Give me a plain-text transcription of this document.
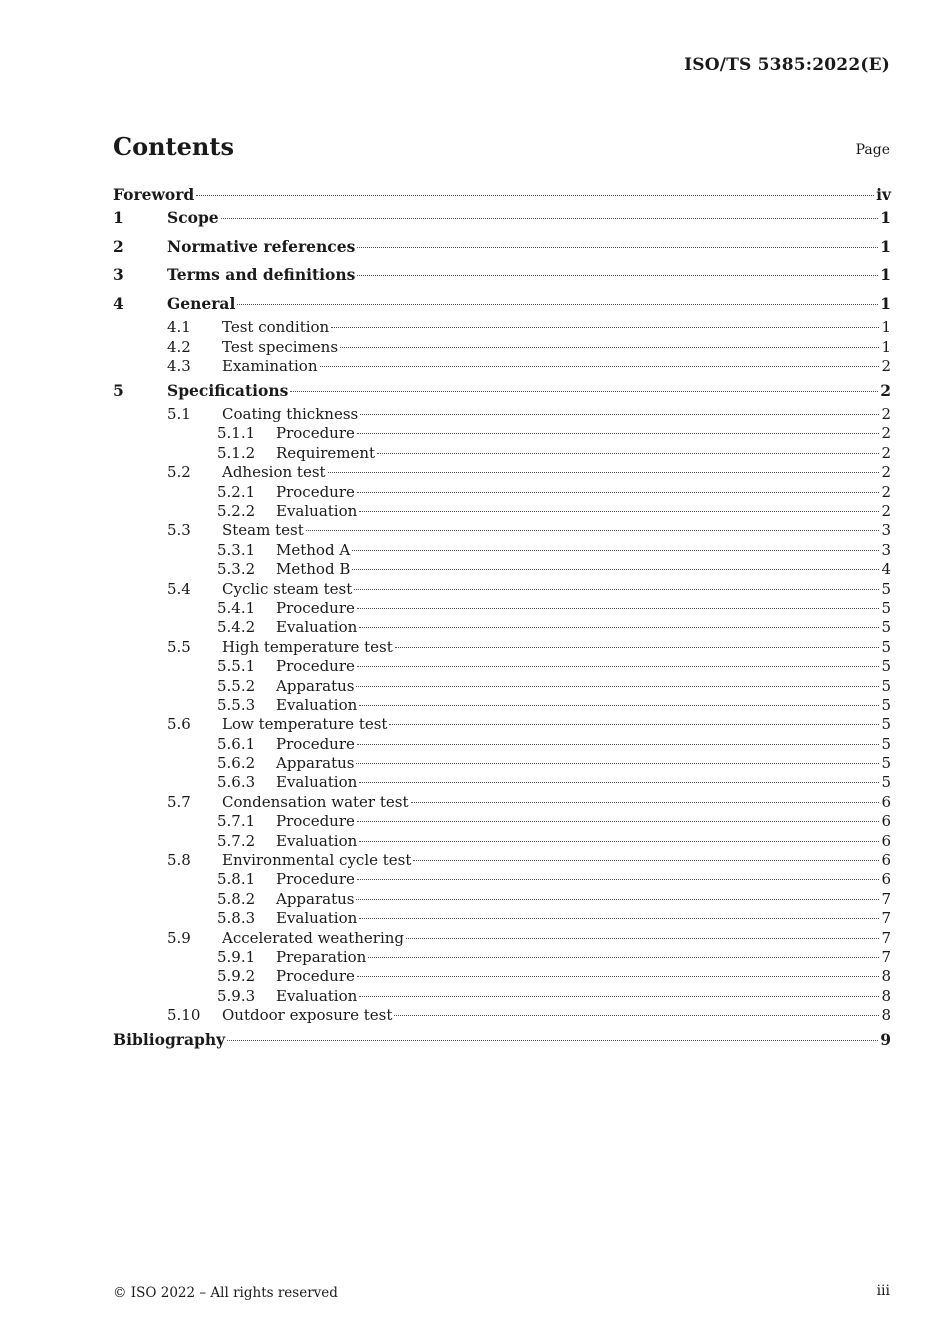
ISO/TS 5385:2022(E)
Contents	Page
Foreword	iv
1	Scope	1
2	Normative references	1
3	Terms and definitions	1
4	General	1
4.1	Test condition	1
4.2	Test specimens	1
4.3	Examination	2
5	Specifications	2
5.1	Coating thickness	2
5.1.1	Procedure	2
5.1.2	Requirement	2
5.2	Adhesion test	2
5.2.1	Procedure	2
5.2.2	Evaluation	2
5.3	Steam test	3
5.3.1	Method A	3
5.3.2	Method B	4
5.4	Cyclic steam test	5
5.4.1	Procedure	5
5.4.2	Evaluation	5
5.5	High temperature test	5
5.5.1	Procedure	5
5.5.2	Apparatus	5
5.5.3	Evaluation	5
5.6	Low temperature test	5
5.6.1	Procedure	5
5.6.2	Apparatus	5
5.6.3	Evaluation	5
5.7	Condensation water test	6
5.7.1	Procedure	6
5.7.2	Evaluation	6
5.8	Environmental cycle test	6
5.8.1	Procedure	6
5.8.2	Apparatus	7
5.8.3	Evaluation	7
5.9	Accelerated weathering	7
5.9.1	Preparation	7
5.9.2	Procedure	8
5.9.3	Evaluation	8
5.10	Outdoor exposure test	8
Bibliography	9
© ISO 2022 – All rights reserved	iii
